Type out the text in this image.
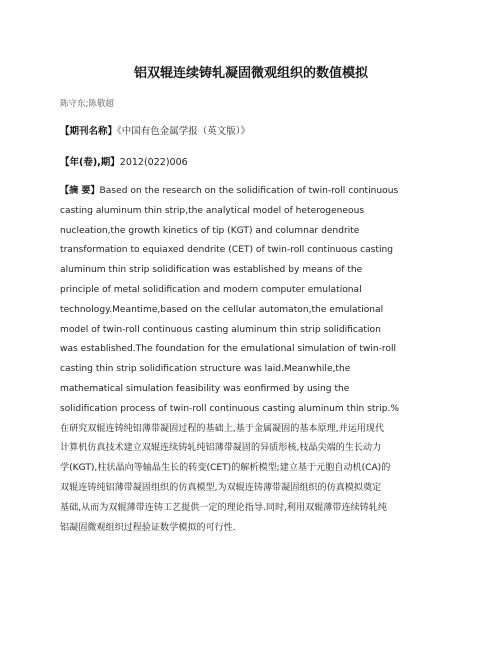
铝双辊连续铸轧凝固微观组织的数值模拟
陈守东;陈敬超
【期刊名称】《中国有色金属学报（英文版）》
【年(卷),期】2012(022)006
【摘 要】Based on the research on the solidification of twin-roll continuous
casting aluminum thin strip,the analytical model of heterogeneous
nucleation,the growth kinetics of tip (KGT) and columnar dendrite
transformation to equiaxed dendrite (CET) of twin-roll continuous casting
aluminum thin strip solidification was established by means of the
principle of metal solidification and modern computer emulational
technology.Meantime,based on the cellular automaton,the emulational
model of twin-roll continuous casting aluminum thin strip solidification
was established.The foundation for the emulational simulation of twin-roll
casting thin strip solidification structure was laid.Meanwhile,the
mathematical simulation feasibility was eonfirmed by using the
solidification process of twin-roll continuous casting aluminum thin strip.%
在研究双辊连铸纯铝薄带凝固过程的基础上,基于金属凝固的基本原理,并运用现代
计算机仿真技术建立双辊连续铸轧纯铝薄带凝固的异质形核,枝晶尖端的生长动力
学(KGT),柱状晶向等轴晶生长的转变(CET)的解析模型;建立基于元胞自动机(CA)的
双辊连铸纯铝薄带凝固组织的仿真模型,为双辊连铸薄带凝固组织的仿真模拟奠定
基础,从而为双辊薄带连铸工艺提供一定的理论指导.同时,利用双辊薄带连续铸轧纯
铝凝固微观组织过程验证数学模拟的可行性.
